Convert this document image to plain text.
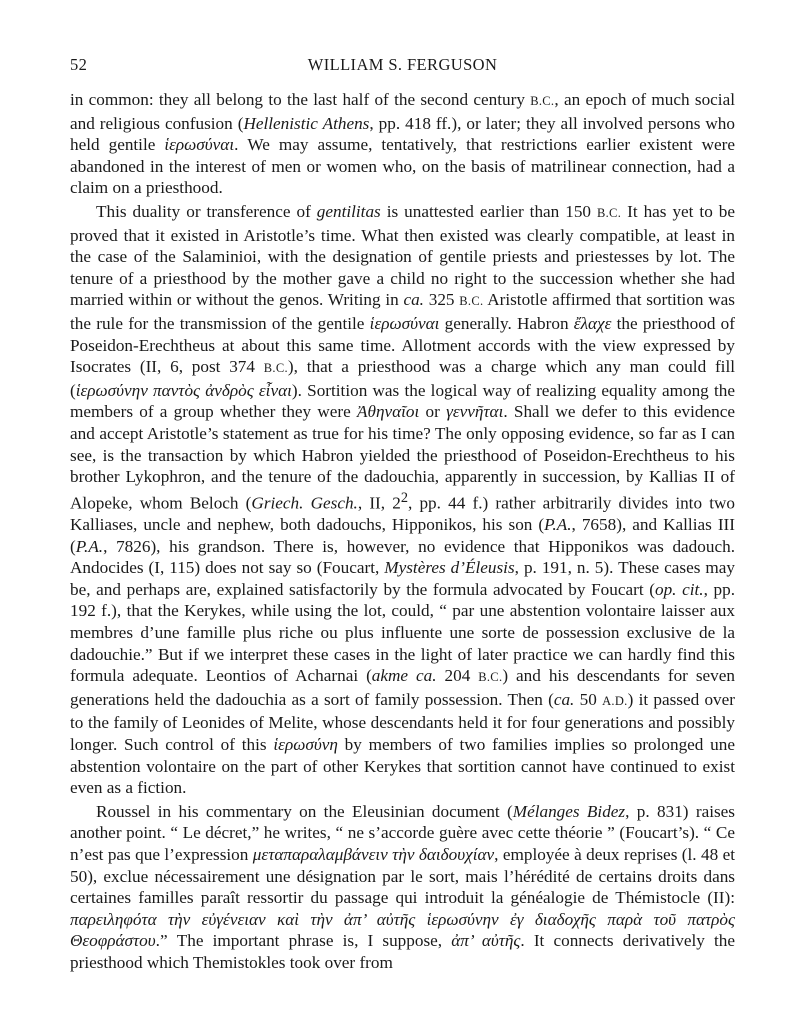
52	WILLIAM S. FERGUSON

in common: they all belong to the last half of the second century B.C., an epoch of much social and religious confusion (Hellenistic Athens, pp. 418 ff.), or later; they all involved persons who held gentile ἱερωσύναι. We may assume, tentatively, that restrictions earlier existent were abandoned in the interest of men or women who, on the basis of matrilinear connection, had a claim on a priesthood.

This duality or transference of gentilitas is unattested earlier than 150 B.C. It has yet to be proved that it existed in Aristotle’s time. What then existed was clearly compatible, at least in the case of the Salaminioi, with the designation of gentile priests and priestesses by lot. The tenure of a priesthood by the mother gave a child no right to the succession whether she had married within or without the genos. Writing in ca. 325 B.C. Aristotle affirmed that sortition was the rule for the transmission of the gentile ἱερωσύναι generally. Habron ἔλαχε the priesthood of Poseidon-Erechtheus at about this same time. Allotment accords with the view expressed by Isocrates (II, 6, post 374 B.C.), that a priesthood was a charge which any man could fill (ἱερωσύνην παντὸς ἀνδρὸς εἶναι). Sortition was the logical way of realizing equality among the members of a group whether they were Ἀθηναῖοι or γεννῆται. Shall we defer to this evidence and accept Aristotle’s statement as true for his time? The only opposing evidence, so far as I can see, is the transaction by which Habron yielded the priesthood of Poseidon-Erechtheus to his brother Lykophron, and the tenure of the dadouchia, apparently in succession, by Kallias II of Alopeke, whom Beloch (Griech. Gesch., II, $2^2$, pp. 44 f.) rather arbitrarily divides into two Kalliases, uncle and nephew, both dadouchs, Hipponikos, his son (P.A., 7658), and Kallias III (P.A., 7826), his grandson. There is, however, no evidence that Hipponikos was dadouch. Andocides (I, 115) does not say so (Foucart, Mystères d’Éleusis, p. 191, n. 5). These cases may be, and perhaps are, explained satisfactorily by the formula advocated by Foucart (op. cit., pp. 192 f.), that the Kerykes, while using the lot, could, “ par une abstention volontaire laisser aux membres d’une famille plus riche ou plus influente une sorte de possession exclusive de la dadouchie.” But if we interpret these cases in the light of later practice we can hardly find this formula adequate. Leontios of Acharnai (akme ca. 204 B.C.) and his descendants for seven generations held the dadouchia as a sort of family possession. Then (ca. 50 A.D.) it passed over to the family of Leonides of Melite, whose descendants held it for four generations and possibly longer. Such control of this ἱερωσύνη by members of two families implies so prolonged une abstention volontaire on the part of other Kerykes that sortition cannot have continued to exist even as a fiction.

Roussel in his commentary on the Eleusinian document (Mélanges Bidez, p. 831) raises another point. “ Le décret,” he writes, “ ne s’accorde guère avec cette théorie ” (Foucart’s). “ Ce n’est pas que l’expression μεταπαραλαμβάνειν τὴν δαιδουχίαν, employée à deux reprises (l. 48 et 50), exclue nécessairement une désignation par le sort, mais l’hérédité de certains droits dans certaines familles paraît ressortir du passage qui introduit la généalogie de Thémistocle (II): παρειληφότα τὴν εὐγένειαν καὶ τὴν ἀπ’ αὐτῆς ἱερωσύνην ἐγ διαδοχῆς παρὰ τοῦ πατρὸς Θεοφράστου.” The important phrase is, I suppose, ἀπ’ αὐτῆς. It connects derivatively the priesthood which Themistokles took over from
